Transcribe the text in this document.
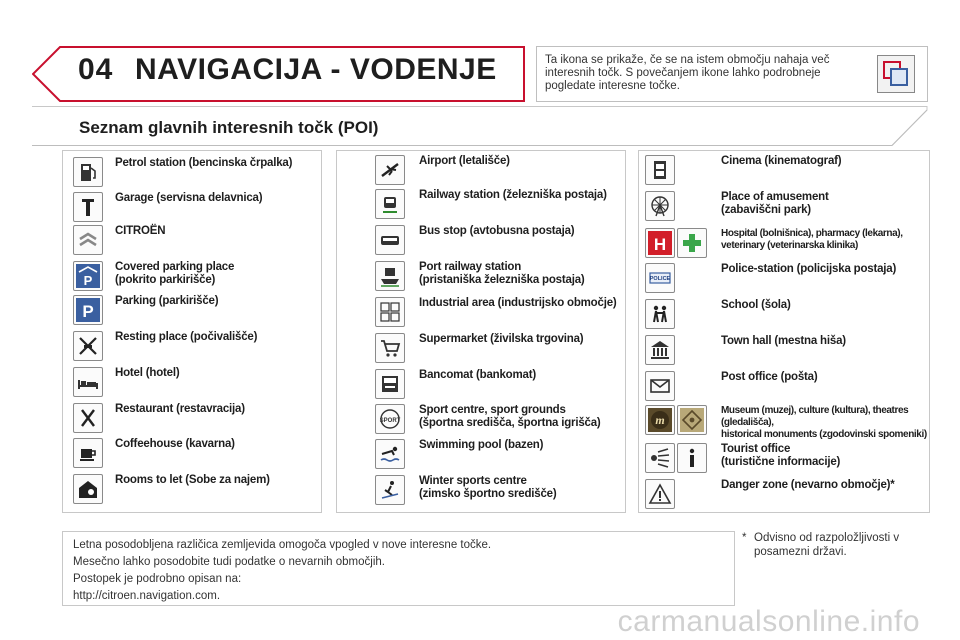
04 NAVIGACIJA - VODENJE	Ta ikona se prikaže, če se na istem območju nahaja več interesnih točk. S povečanjem ikone lahko podrobneje pogledate interesne točke.
Seznam glavnih interesnih točk (POI)
Petrol station (bencinska črpalka)
Garage (servisna delavnica)
CITROËN
P
Covered parking place
(pokrito parkirišče)
P
Parking (parkirišče)
Resting place (počivališče)
Hotel (hotel)
Restaurant (restavracija)
Coffeehouse (kavarna)
Rooms to let (Sobe za najem)
Airport (letališče)
Railway station (železniška postaja)
Bus stop (avtobusna postaja)
Port railway station
(pristaniška železniška postaja)
Industrial area (industrijsko območje)
Supermarket (živilska trgovina)
Bancomat (bankomat)
SPORT
Sport centre, sport grounds
(športna središča, športna igrišča)
Swimming pool (bazen)
Winter sports centre
(zimsko športno središče)
Cinema (kinematograf)
Place of amusement
(zabaviščni park)
H
Hospital (bolnišnica), pharmacy (lekarna),
veterinary (veterinarska klinika)
POLICE
Police-station (policijska postaja)
School (šola)
Town hall (mestna hiša)
Post office (pošta)
m
Museum (muzej), culture (kultura), theatres (gledališča),
historical monuments (zgodovinski spomeniki)
Tourist office
(turistične informacije)
Danger zone (nevarno območje)*
Letna posodobljena različica zemljevida omogoča vpogled v nove interesne točke.
Mesečno lahko posodobite tudi podatke o nevarnih območjih.
Postopek je podrobno opisan na:
http://citroen.navigation.com.
* Odvisno od razpoložljivosti v posamezni državi.
carmanualsonline.info
